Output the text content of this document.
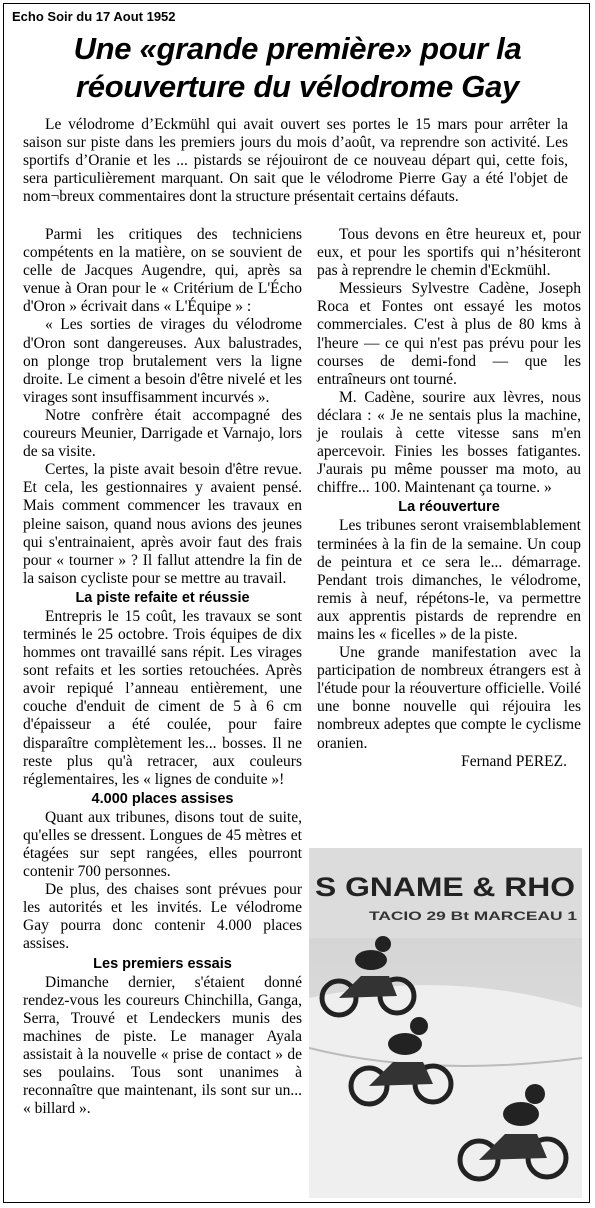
Echo Soir du 17 Aout 1952
Une «grande première» pour la
réouverture du vélodrome Gay

Le vélodrome d’Eckmühl qui avait ouvert ses portes le 15 mars pour arrêter la saison sur piste dans les premiers jours du mois d’août, va reprendre son activité. Les sportifs d’Oranie et les ... pistards se réjouiront de ce nouveau départ qui, cette fois, sera particulièrement marquant. On sait que le vélodrome Pierre Gay a été l'objet de nom¬breux commentaires dont la structure présentait certains défauts.

Parmi les critiques des techniciens compétents en la matière, on se souvient de celle de Jacques Augendre, qui, après sa venue à Oran pour le « Critérium de L'Écho d'Oron » écrivait dans « L'Équipe » :

« Les sorties de virages du vélodrome d'Oron sont dangereuses. Aux balustrades, on plonge trop brutalement vers la ligne droite. Le ciment a besoin d'être nivelé et les virages sont insuffisamment incurvés ».

Notre confrère était accompagné des coureurs Meunier, Darrigade et Varnajo, lors de sa visite.

Certes, la piste avait besoin d'être revue. Et cela, les gestionnaires y avaient pensé. Mais comment commencer les travaux en pleine saison, quand nous avions des jeunes qui s'entrainaient, après avoir faut des frais pour « tourner » ? Il fallut attendre la fin de la saison cycliste pour se mettre au travail.

La piste refaite et réussie

Entrepris le 15 coût, les travaux se sont terminés le 25 octobre. Trois équipes de dix hommes ont travaillé sans répit. Les virages sont refaits et les sorties retouchées. Après avoir repiqué l’anneau entièrement, une couche d'enduit de ciment de 5 à 6 cm d'épaisseur a été coulée, pour faire disparaître complètement les... bosses. Il ne reste plus qu'à retracer, aux couleurs réglementaires, les « lignes de conduite »!

4.000 places assises

Quant aux tribunes, disons tout de suite, qu'elles se dressent. Longues de 45 mètres et étagées sur sept rangées, elles pourront contenir 700 personnes.

De plus, des chaises sont prévues pour les autorités et les invités. Le vélodrome Gay pourra donc contenir 4.000 places assises.

Les premiers essais

Dimanche dernier, s'étaient donné rendez-vous les coureurs Chinchilla, Ganga, Serra, Trouvé et Lendeckers munis des machines de piste. Le manager Ayala assistait à la nouvelle « prise de contact » de ses poulains. Tous sont unanimes à reconnaître que maintenant, ils sont sur un... « billard ».

Tous devons en être heureux et, pour eux, et pour les sportifs qui n’hésiteront pas à reprendre le chemin d'Eckmühl.

Messieurs Sylvestre Cadène, Joseph Roca et Fontes ont essayé les motos commerciales. C'est à plus de 80 kms à l'heure — ce qui n'est pas prévu pour les courses de demi-fond — que les entraîneurs ont tourné.

M. Cadène, sourire aux lèvres, nous déclara : « Je ne sentais plus la machine, je roulais à cette vitesse sans m'en apercevoir. Finies les bosses fatigantes. J'aurais pu même pousser ma moto, au chiffre... 100. Maintenant ça tourne. »

La réouverture

Les tribunes seront vraisemblablement terminées à la fin de la semaine. Un coup de peintura et ce sera le... démarrage. Pendant trois dimanches, le vélodrome, remis à neuf, répétons-le, va permettre aux apprentis pistards de reprendre en mains les « ficelles » de la piste.

Une grande manifestation avec la participation de nombreux étrangers est à l'étude pour la réouverture officielle. Voilé une bonne nouvelle qui réjouira les nombreux adeptes que compte le cyclisme oranien.

Fernand PEREZ.

S GNAME & RHO
TACIO 29 Bt MARCEAU 1
